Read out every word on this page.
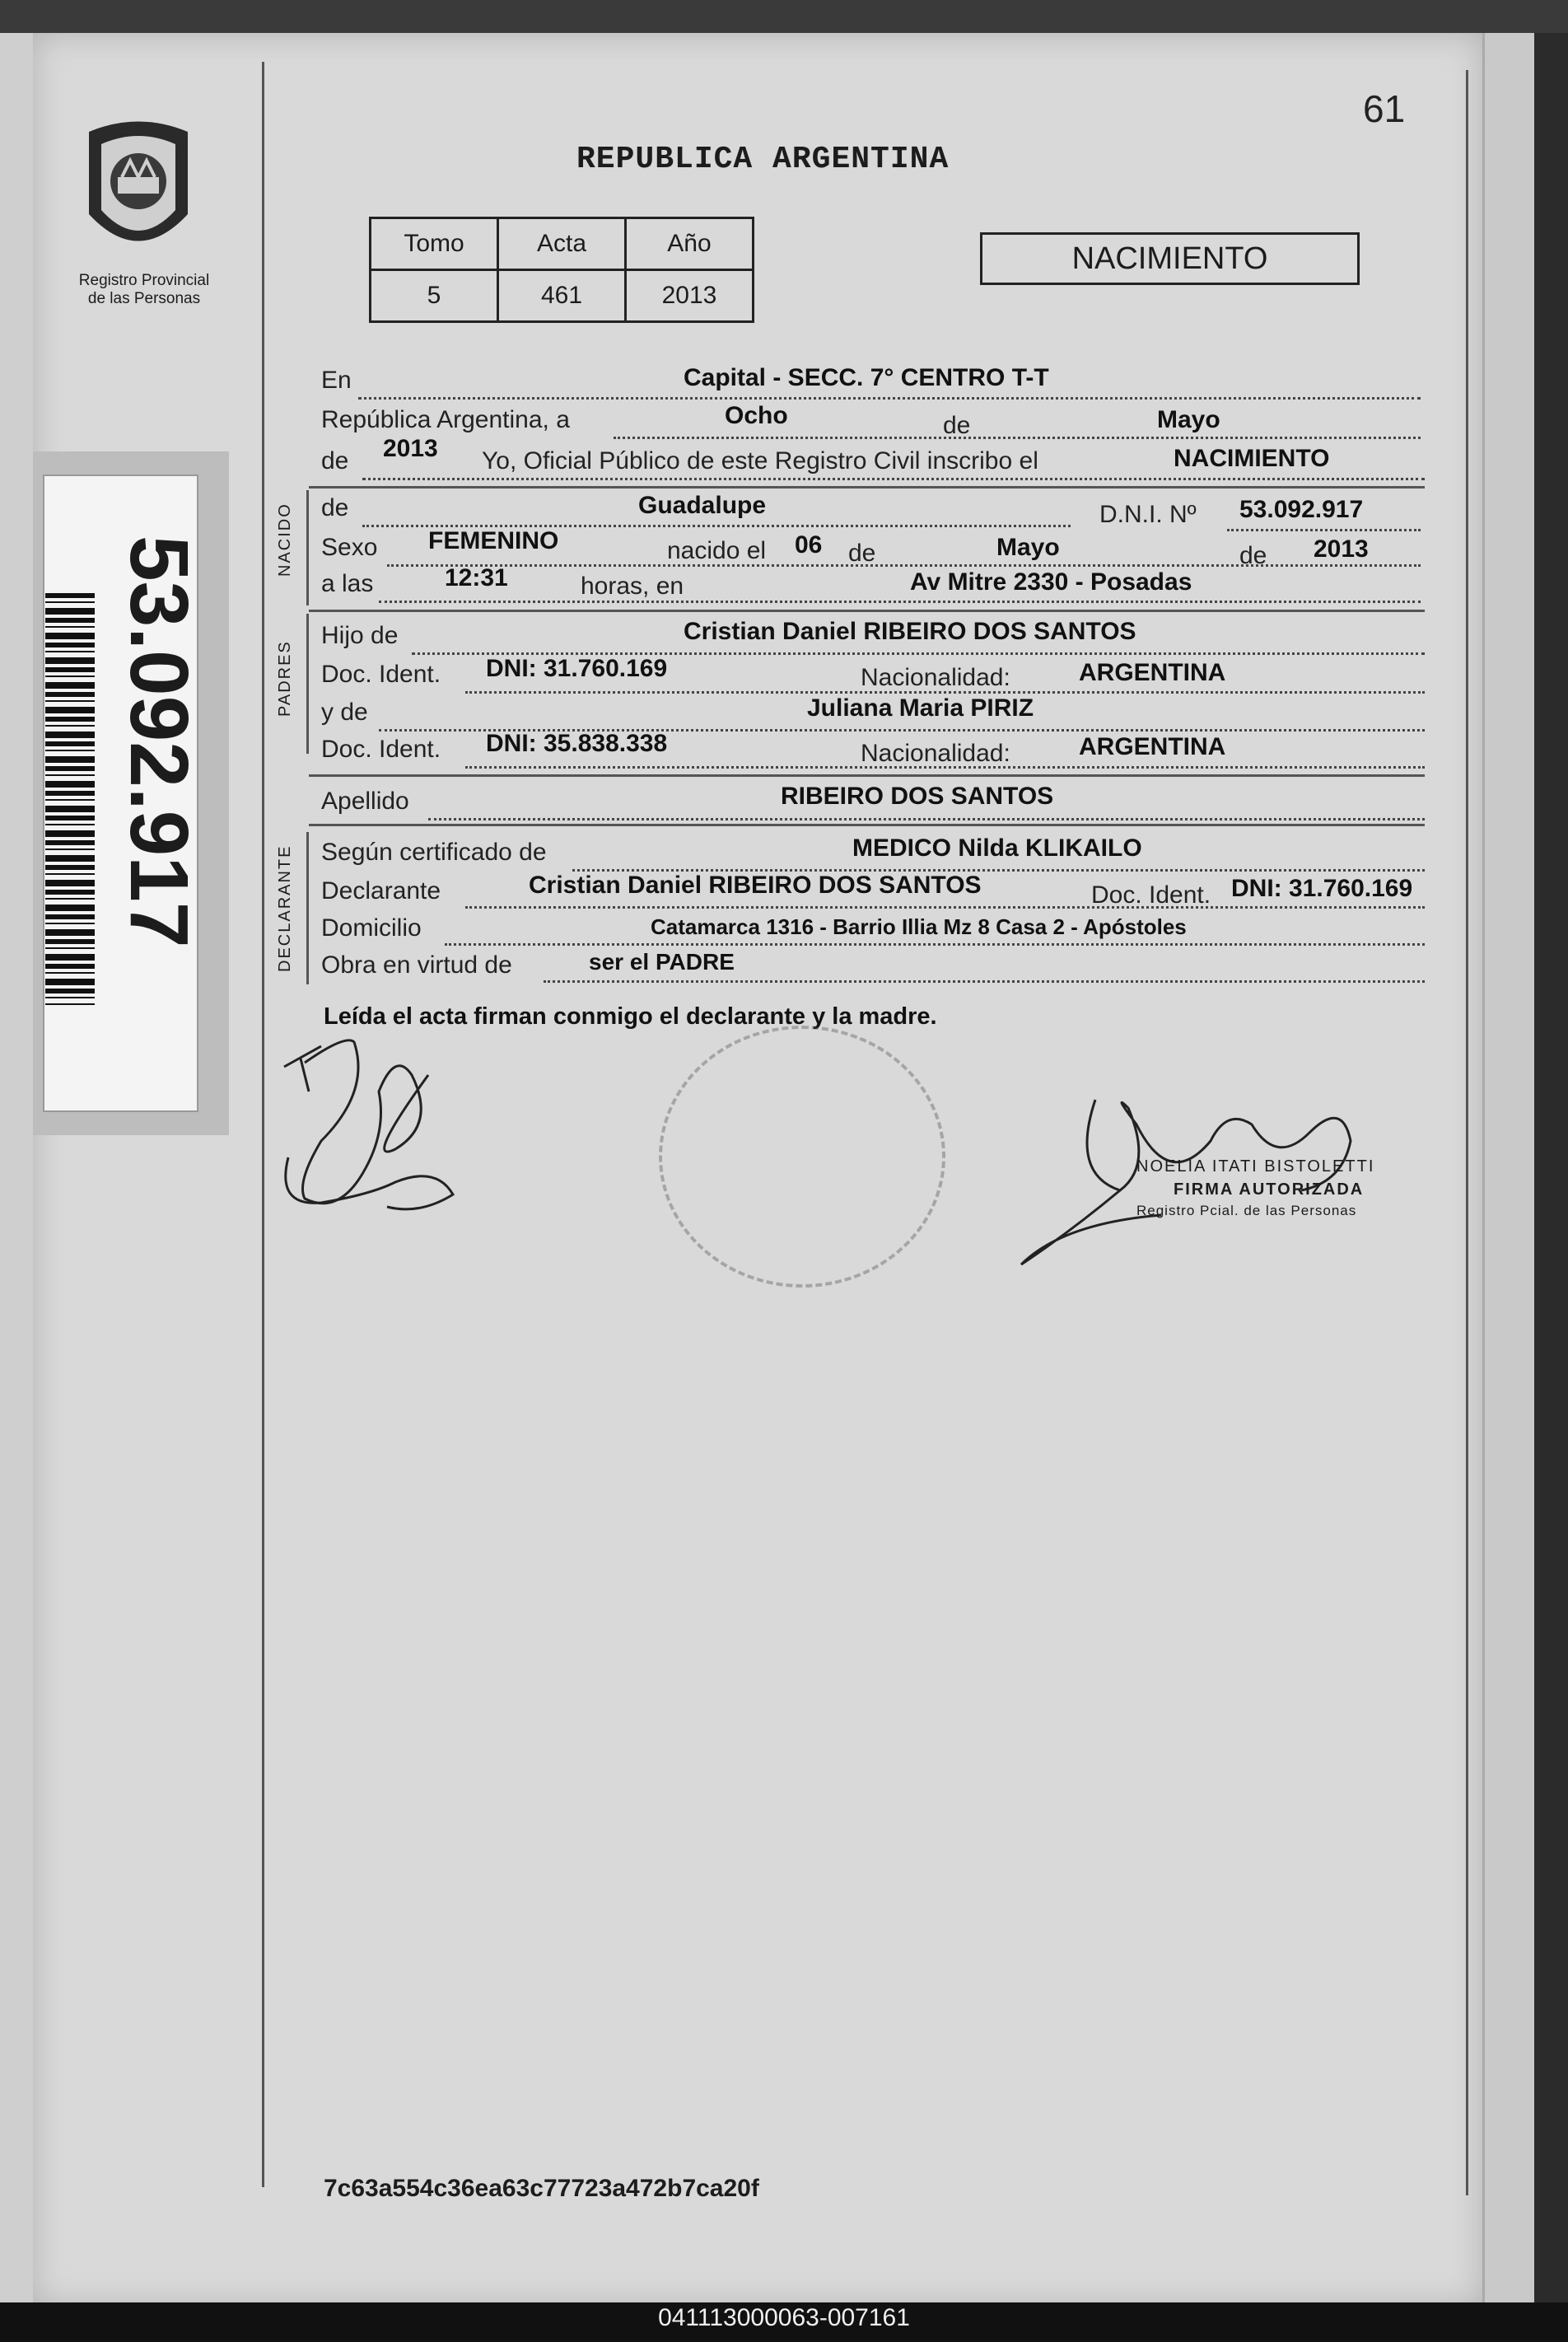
Registro Provincial
de las Personas
53.092.917
61
REPUBLICA ARGENTINA
Tomo	Acta	Año
5	461	2013
NACIMIENTO
En	Capital - SECC. 7° CENTRO T-T
República Argentina, a	Ocho	de	Mayo
de 2013 Yo, Oficial Público de este Registro Civil inscribo el	NACIMIENTO
NACIDO de	Guadalupe	D.N.I. Nº 53.092.917
Sexo FEMENINO	nacido el 06 de	Mayo	de 2013
a las	12:31	horas, en	Av Mitre 2330 - Posadas
PADRES
Hijo de	Cristian Daniel RIBEIRO DOS SANTOS
Doc. Ident. DNI: 31.760.169	Nacionalidad:	ARGENTINA
y de	Juliana Maria PIRIZ
Doc. Ident. DNI: 35.838.338	Nacionalidad:	ARGENTINA
Apellido	RIBEIRO DOS SANTOS
DECLARANTE Según certificado de	MEDICO Nilda KLIKAILO
Declarante	Cristian Daniel RIBEIRO DOS SANTOS	Doc. Ident. DNI: 31.760.169
Domicilio	Catamarca 1316 - Barrio Illia Mz 8 Casa 2 - Apóstoles
Obra en virtud de	ser el PADRE
Leída el acta firman conmigo el declarante y la madre.
NOELIA ITATI BISTOLETTI
FIRMA AUTORIZADA
Registro Pcial. de las Personas
7c63a554c36ea63c77723a472b7ca20f
041113000063-007161
